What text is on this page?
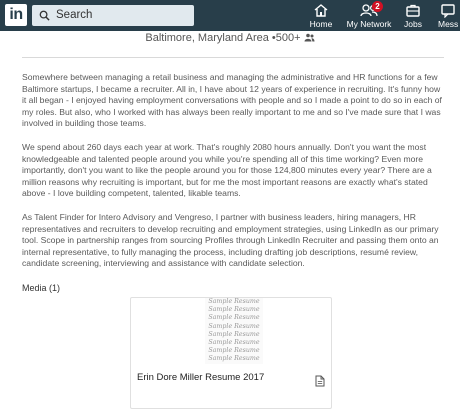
in	Search
Home
2
My Network	Jobs	Mess
Baltimore, Maryland Area •500+
Somewhere between managing a retail business and managing the administrative and HR functions for a few Baltimore startups, I became a recruiter. All in, I have about 12 years of experience in recruiting. It's funny how it all began - I enjoyed having employment conversations with people and so I made a point to do so in each of my roles. But also, who I worked with has always been really important to me and so I've made sure that I was involved in building those teams.
We spend about 260 days each year at work. That's roughly 2080 hours annually. Don't you want the most knowledgeable and talented people around you while you're spending all of this time working? Even more importantly, don't you want to like the people around you for those 124,800 minutes every year? There are a million reasons why recruiting is important, but for me the most important reasons are exactly what's stated above - I love building competent, talented, likable teams.
As Talent Finder for Intero Advisory and Vengreso, I partner with business leaders, hiring managers, HR representatives and recruiters to develop recruiting and employment strategies, using LinkedIn as our primary tool. Scope in partnership ranges from sourcing Profiles through LinkedIn Recruiter and passing them onto an internal representative, to fully managing the process, including drafting job descriptions, resumé review, candidate screening, interviewing and assistance with candidate selection.
Media (1)
Sample Resume
Sample Resume
Sample Resume
Sample Resume
Sample Resume
Sample Resume
Sample Resume
Sample Resume
Erin Dore Miller Resume 2017
